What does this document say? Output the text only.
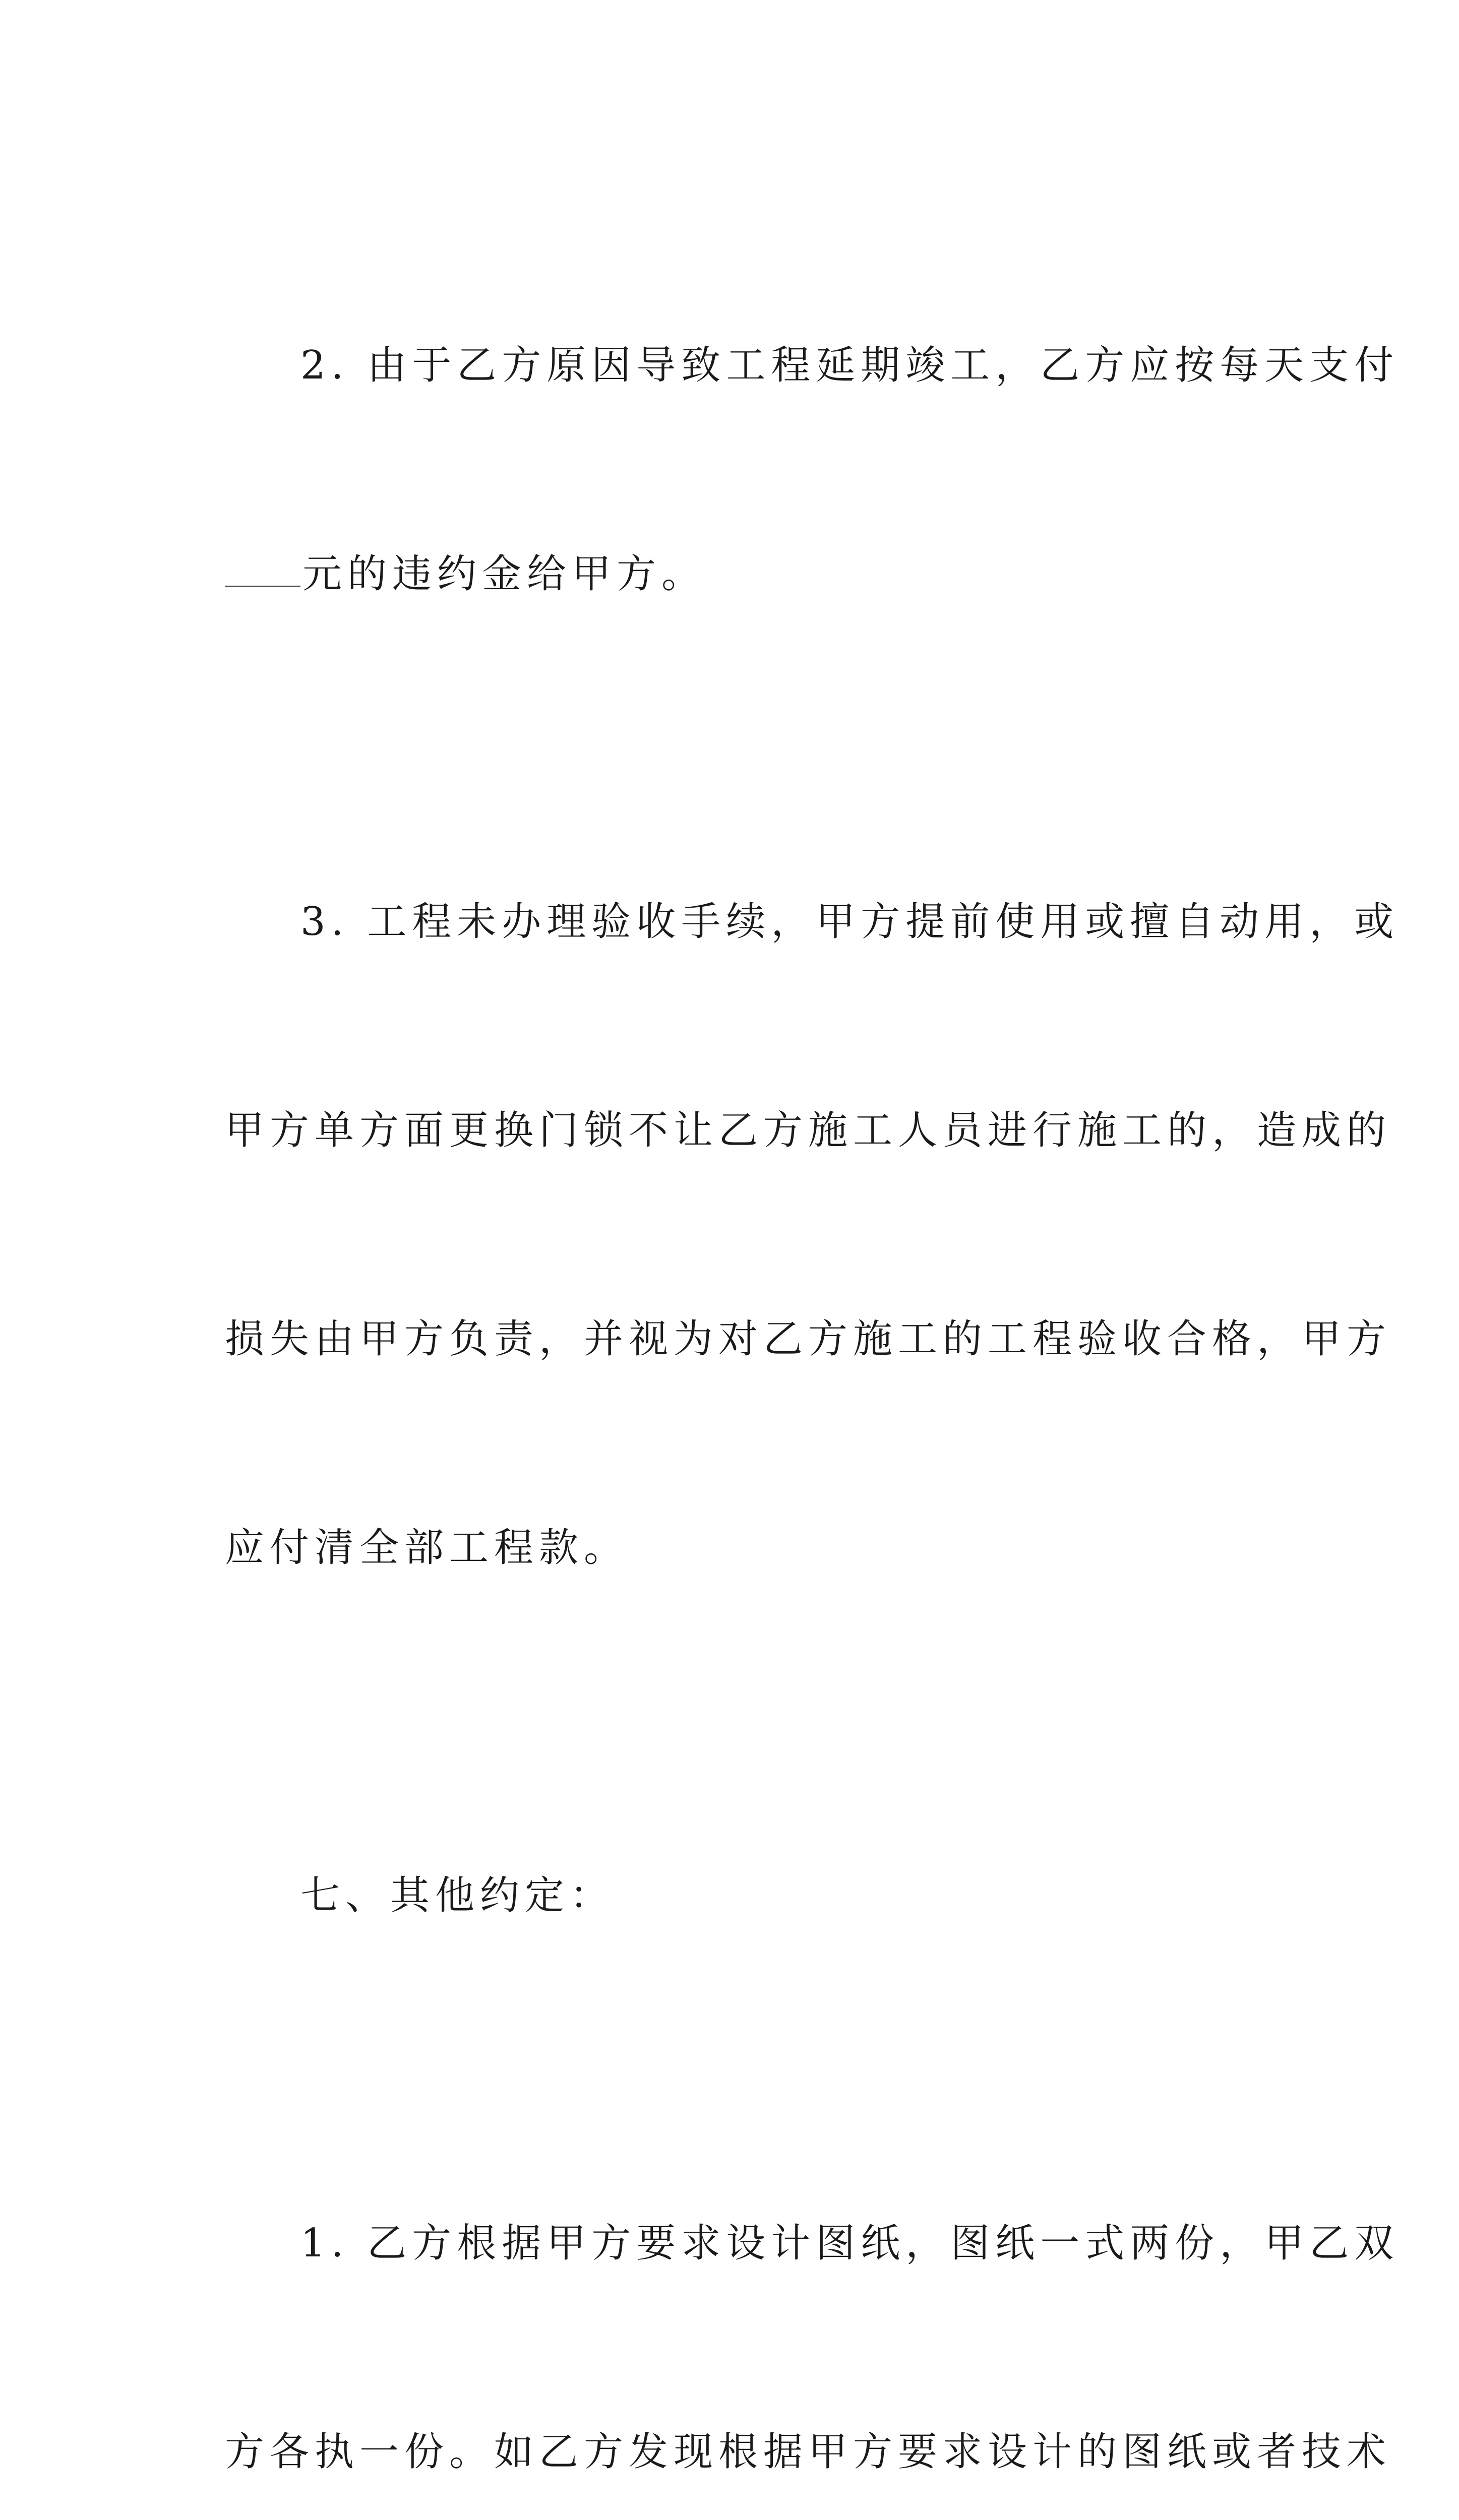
2. 由于乙方原因导致工程延期竣工，乙方应按每天支付

元的违约金给甲方。

3. 工程未办理验收手续，甲方提前使用或擅自动用，或

甲方单方面更换门锁不让乙方施工人员进行施工的，造成的

损失由甲方负责，并视为对乙方施工的工程验收合格，甲方

应付清全部工程款。

七、其他约定：

1. 乙方根据甲方要求设计图纸，图纸一式两份，甲乙双

方各执一份。如乙方发现根据甲方要求设计的图纸或者技术
